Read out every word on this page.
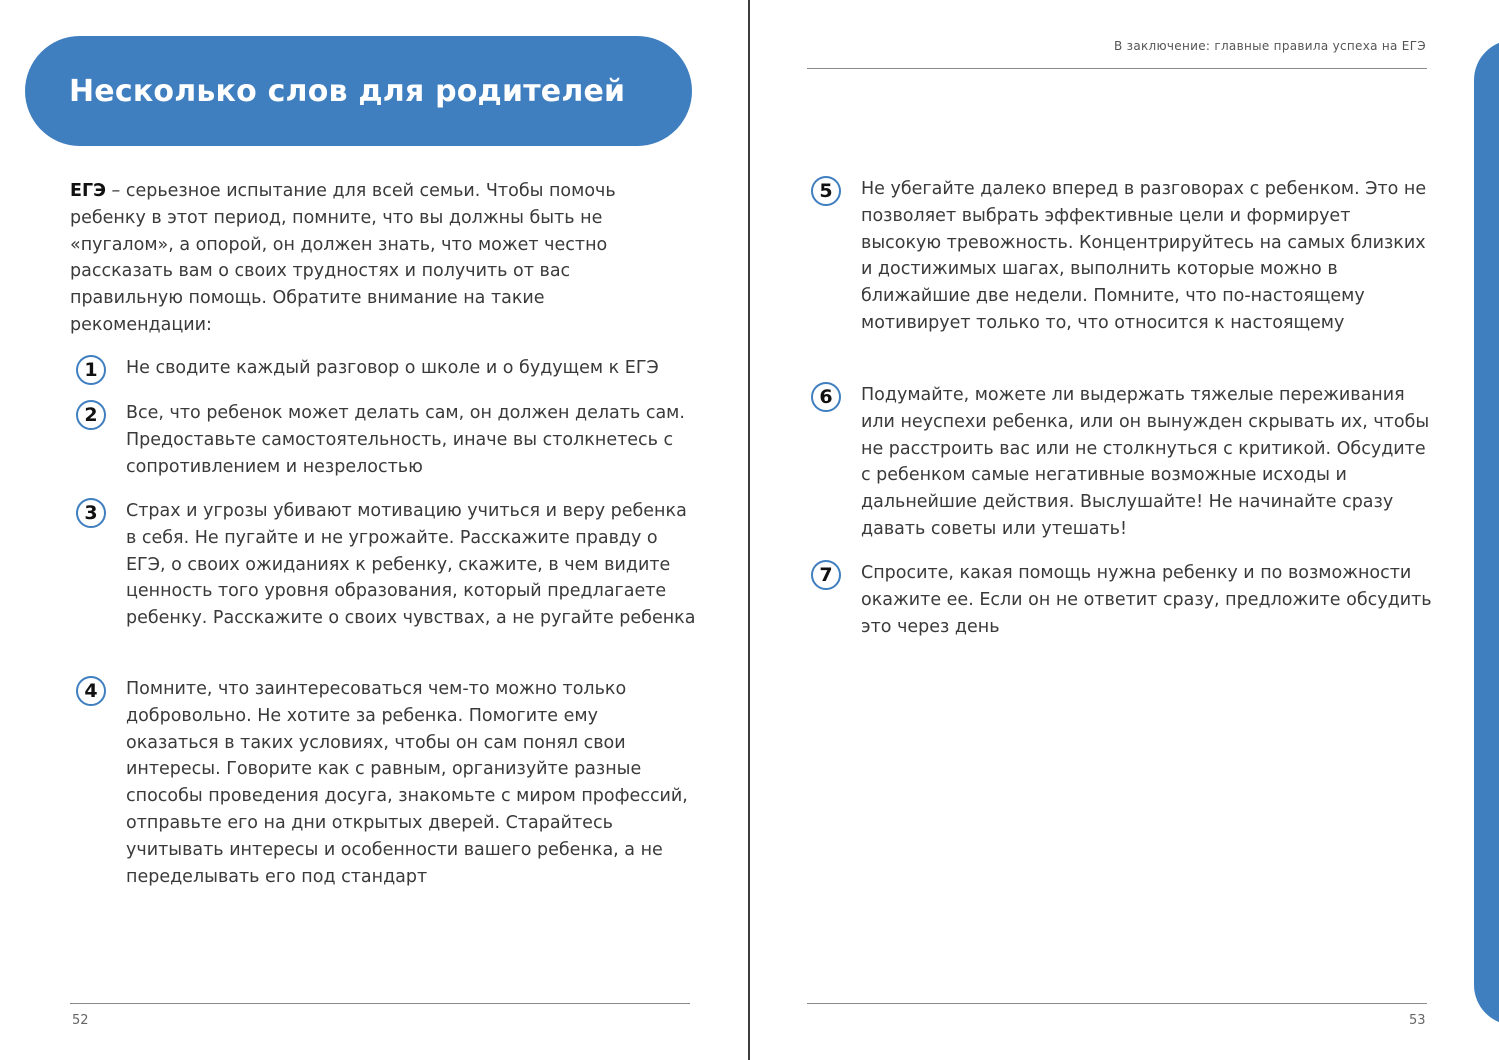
Несколько слов для родителей

ЕГЭ – серьезное испытание для всей семьи. Чтобы помочь ребенку в этот период, помните, что вы должны быть не «пугалом», а опорой, он должен знать, что может честно рассказать вам о своих трудностях и получить от вас правильную помощь. Обратите внимание на такие рекомендации:

1	Не сводите каждый разговор о школе и о будущем к ЕГЭ

2	Все, что ребенок может делать сам, он должен делать сам. Предоставьте самостоятельность, иначе вы столкнетесь с сопротивлением и незрелостью

3	Страх и угрозы убивают мотивацию учиться и веру ребенка в себя. Не пугайте и не угрожайте. Расскажите правду о ЕГЭ, о своих ожиданиях к ребенку, скажите, в чем видите ценность того уровня образования, который предлагаете ребенку. Расскажите о своих чувствах, а не ругайте ребенка

4	Помните, что заинтересоваться чем-то можно только добровольно. Не хотите за ребенка. Помогите ему оказаться в таких условиях, чтобы он сам понял свои интересы. Говорите как с равным, организуйте разные способы проведения досуга, знакомьте с миром профессий, отправьте его на дни открытых дверей. Старайтесь учитывать интересы и особенности вашего ребенка, а не переделывать его под стандарт

52

В заключение: главные правила успеха на ЕГЭ

5	Не убегайте далеко вперед в разговорах с ребенком. Это не позволяет выбрать эффективные цели и формирует высокую тревожность. Концентрируйтесь на самых близких и достижимых шагах, выполнить которые можно в ближайшие две недели. Помните, что по-настоящему мотивирует только то, что относится к настоящему

6	Подумайте, можете ли выдержать тяжелые переживания или неуспехи ребенка, или он вынужден скрывать их, чтобы не расстроить вас или не столкнуться с критикой. Обсудите с ребенком самые негативные возможные исходы и дальнейшие действия. Выслушайте! Не начинайте сразу давать советы или утешать!

7	Спросите, какая помощь нужна ребенку и по возможности окажите ее. Если он не ответит сразу, предложите обсудить это через день

53
